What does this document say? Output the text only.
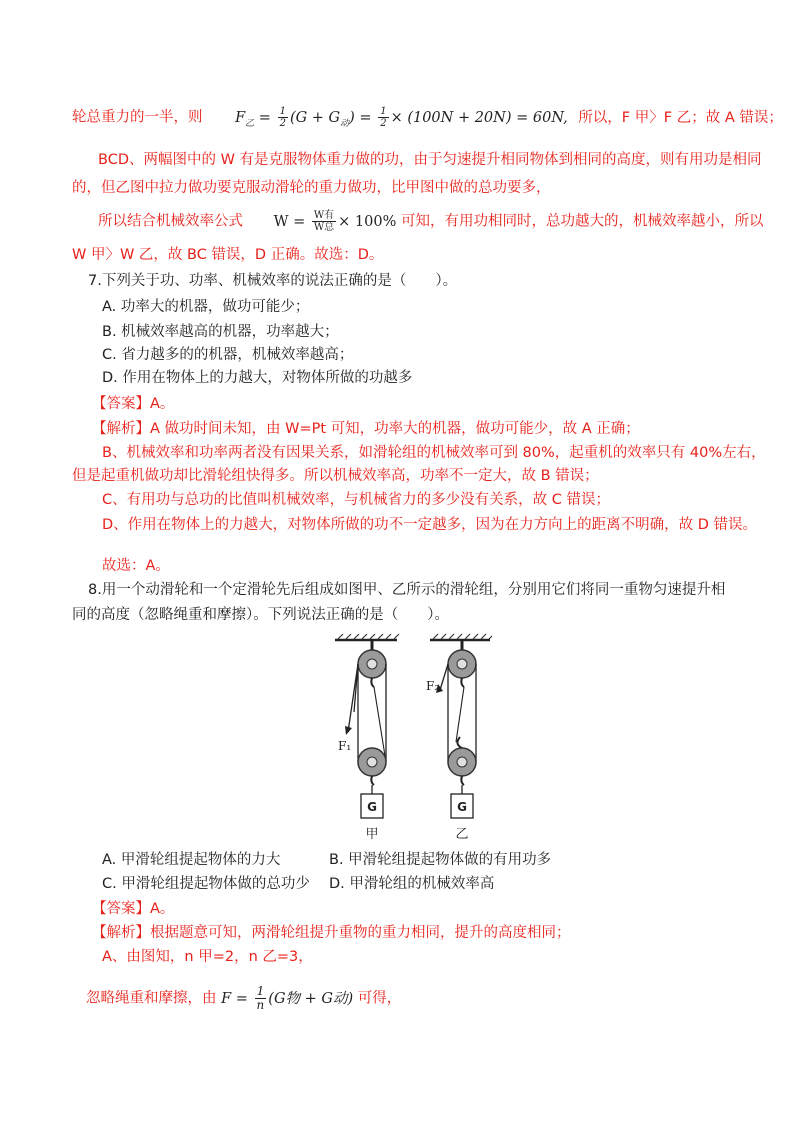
轮总重力的一半，则 $F_乙 = \frac{1}{2} (G + G_动) = \frac{1}{2} \times (100N + 20N) = 60N$, 所以，F 甲〉F 乙；故 A 错误；
BCD、两幅图中的 W 有是克服物体重力做的功，由于匀速提升相同物体到相同的高度，则有用功是相同
的，但乙图中拉力做功要克服动滑轮的重力做功，比甲图中做的总功要多，
所以结合机械效率公式 $W = \frac{\text{W有}}{\text{W总}} \times 100\%$ 可知，有用功相同时，总功越大的，机械效率越小，所以
W 甲〉W 乙，故 BC 错误，D 正确。故选：D。
7.下列关于功、功率、机械效率的说法正确的是（　　）。
A. 功率大的机器，做功可能少；
B. 机械效率越高的机器，功率越大；
C. 省力越多的的机器，机械效率越高；
D. 作用在物体上的力越大，对物体所做的功越多
【答案】A。
【解析】A 做功时间未知，由 W=Pt 可知，功率大的机器，做功可能少，故 A 正确；
B、机械效率和功率两者没有因果关系，如滑轮组的机械效率可到 80%，起重机的效率只有 40%左右，
但是起重机做功却比滑轮组快得多。所以机械效率高，功率不一定大，故 B 错误；
C、有用功与总功的比值叫机械效率，与机械省力的多少没有关系，故 C 错误；
D、作用在物体上的力越大，对物体所做的功不一定越多，因为在力方向上的距离不明确，故 D 错误。
故选：A。
8.用一个动滑轮和一个定滑轮先后组成如图甲、乙所示的滑轮组，分别用它们将同一重物匀速提升相
同的高度（忽略绳重和摩擦）。下列说法正确的是（　　）。
F₁
G
甲
F₂
G
乙
A. 甲滑轮组提起物体的力大	B. 甲滑轮组提起物体做的有用功多
C. 甲滑轮组提起物体做的总功少 D. 甲滑轮组的机械效率高
【答案】A。
【解析】根据题意可知，两滑轮组提升重物的重力相同，提升的高度相同；
A、由图知，n 甲=2，n 乙=3，
忽略绳重和摩擦，由 $F = \frac{1}{n} (G$物 + G动) 可得，
